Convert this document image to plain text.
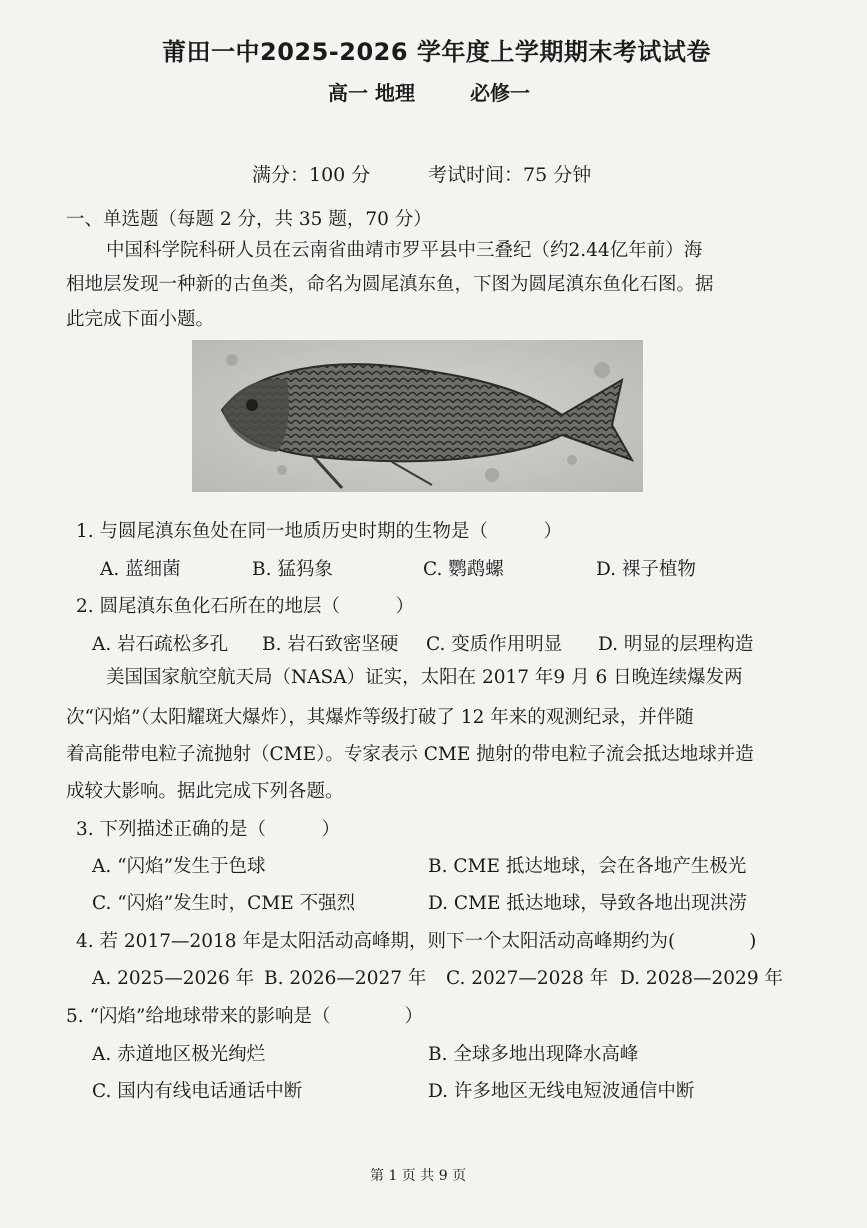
莆田一中2025-2026 学年度上学期期末考试试卷
高一 地理	必修一
满分：100 分	考试时间：75 分钟
一、单选题（每题 2 分，共 35 题，70 分）
中国科学院科研人员在云南省曲靖市罗平县中三叠纪（约2.44亿年前）海
相地层发现一种新的古鱼类，命名为圆尾滇东鱼，下图为圆尾滇东鱼化石图。据
此完成下面小题。
1. 与圆尾滇东鱼处在同一地质历史时期的生物是（　　　）
A. 蓝细菌	B. 猛犸象	C. 鹦鹉螺	D. 裸子植物
2. 圆尾滇东鱼化石所在的地层（　　　）
A. 岩石疏松多孔 B. 岩石致密坚硬 C. 变质作用明显 D. 明显的层理构造
美国国家航空航天局（NASA）证实，太阳在 2017 年9 月 6 日晚连续爆发两
次“闪焰”（太阳耀斑大爆炸），其爆炸等级打破了 12 年来的观测纪录，并伴随
着高能带电粒子流抛射（CME）。专家表示 CME 抛射的带电粒子流会抵达地球并造
成较大影响。据此完成下列各题。
3. 下列描述正确的是（　　　）
A. “闪焰”发生于色球	B. CME 抵达地球，会在各地产生极光
C. “闪焰”发生时，CME 不强烈	D. CME 抵达地球，导致各地出现洪涝
4. 若 2017—2018 年是太阳活动高峰期，则下一个太阳活动高峰期约为(　　　　)
A. 2025—2026 年 B. 2026—2027 年 C. 2027—2028 年 D. 2028—2029 年
5. “闪焰”给地球带来的影响是（　　　　）
A. 赤道地区极光绚烂	B. 全球多地出现降水高峰
C. 国内有线电话通话中断	D. 许多地区无线电短波通信中断
第 1 页 共 9 页
